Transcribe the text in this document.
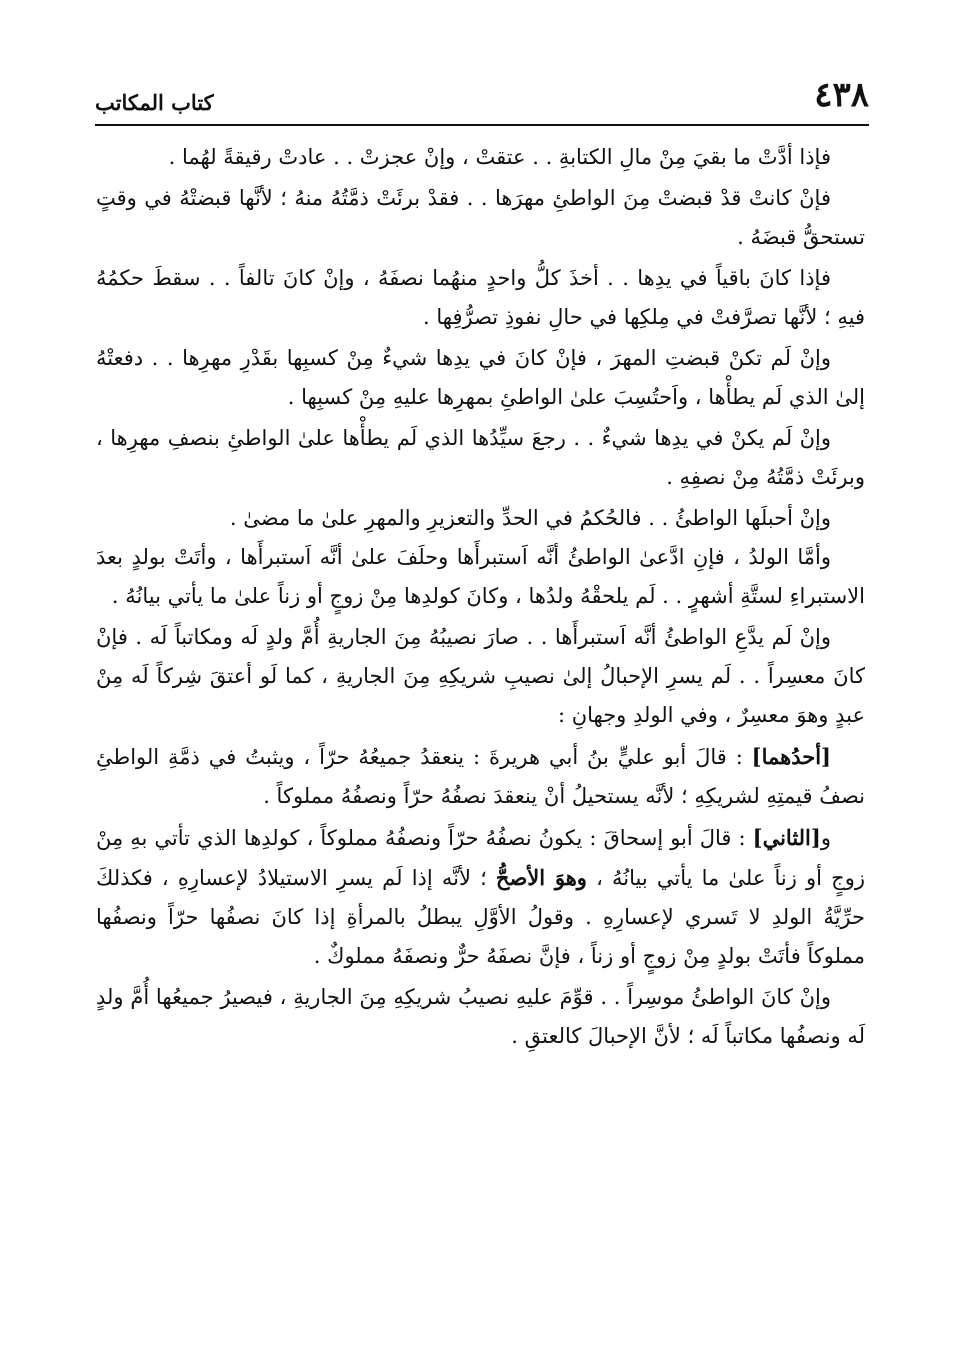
٤٣٨
كتاب المكاتب

فإذا أدَّتْ ما بقيَ مِنْ مالِ الكتابةِ . . عتقتْ ، وإنْ عجزتْ . . عادتْ رقيقةً لهُما .

فإنْ كانتْ قدْ قبضتْ مِنَ الواطئِ مهرَها . . فقدْ برئَتْ ذمَّتُهُ منهُ ؛ لأنَّها قبضتْهُ في وقتٍ تستحقُّ قبضَهُ .

فإذا كانَ باقياً في يدِها . . أخذَ كلُّ واحدٍ منهُما نصفَهُ ، وإنْ كانَ تالفاً . . سقطَ حكمُهُ فيهِ ؛ لأنَّها تصرَّفتْ في مِلكِها في حالِ نفوذِ تصرُّفِها .

وإنْ لَم تكنْ قبضتِ المهرَ ، فإنْ كانَ في يدِها شيءٌ مِنْ كسبِها بقَدْرِ مهرِها . . دفعتْهُ إلىٰ الذي لَم يطأْها ، واَحتُسِبَ علىٰ الواطئِ بمهرِها عليهِ مِنْ كسبِها .

وإنْ لَم يكنْ في يدِها شيءٌ . . رجعَ سيِّدُها الذي لَم يطأْها علىٰ الواطئِ بنصفِ مهرِها ، وبرئَتْ ذمَّتُهُ مِنْ نصفِهِ .

وإنْ أحبلَها الواطئُ . . فالحُكمُ في الحدِّ والتعزيرِ والمهرِ علىٰ ما مضىٰ .

وأمَّا الولدُ ، فإنِ ادَّعىٰ الواطئُ أنَّه اَستبرأَها وحلَفَ علىٰ أنَّه اَستبرأَها ، وأتَتْ بولدٍ بعدَ الاستبراءِ لستَّةِ أشهرٍ . . لَم يلحقْهُ ولدُها ، وكانَ كولدِها مِنْ زوجٍ أو زناً علىٰ ما يأتي بيانُهُ .

وإنْ لَم يدَّعِ الواطئُ أنَّه اَستبرأَها . . صارَ نصيبُهُ مِنَ الجاريةِ أُمَّ ولدٍ لَه ومكاتباً لَه . فإنْ كانَ معسِراً . . لَم يسرِ الإحبالُ إلىٰ نصيبِ شريكِهِ مِنَ الجاريةِ ، كما لَو أعتقَ شِركاً لَه مِنْ عبدٍ وهوَ معسِرٌ ، وفي الولدِ وجهانِ :

[أحدُهما] : قالَ أبو عليٍّ بنُ أبي هريرةَ : ينعقدُ جميعُهُ حرّاً ، ويثبتُ في ذمَّةِ الواطئِ نصفُ قيمتِهِ لشريكِهِ ؛ لأنَّه يستحيلُ أنْ ينعقدَ نصفُهُ حرّاً ونصفُهُ مملوكاً .

و[الثاني] : قالَ أبو إسحاقَ : يكونُ نصفُهُ حرّاً ونصفُهُ مملوكاً ، كولدِها الذي تأتي بهِ مِنْ زوجٍ أو زناً علىٰ ما يأتي بيانُهُ ، وهوَ الأصحُّ ؛ لأنَّه إذا لَم يسرِ الاستيلادُ لإعسارِهِ ، فكذلكَ حرِّيَّةُ الولدِ لا تَسري لإعسارِهِ . وقولُ الأوَّلِ يبطلُ بالمرأةِ إذا كانَ نصفُها حرّاً ونصفُها مملوكاً فأتَتْ بولدٍ مِنْ زوجٍ أو زناً ، فإنَّ نصفَهُ حرٌّ ونصفَهُ مملوكٌ .

وإنْ كانَ الواطئُ موسِراً . . قوِّمَ عليهِ نصيبُ شريكِهِ مِنَ الجاريةِ ، فيصيرُ جميعُها أُمَّ ولدٍ لَه ونصفُها مكاتباً لَه ؛ لأنَّ الإحبالَ كالعتقِ .
